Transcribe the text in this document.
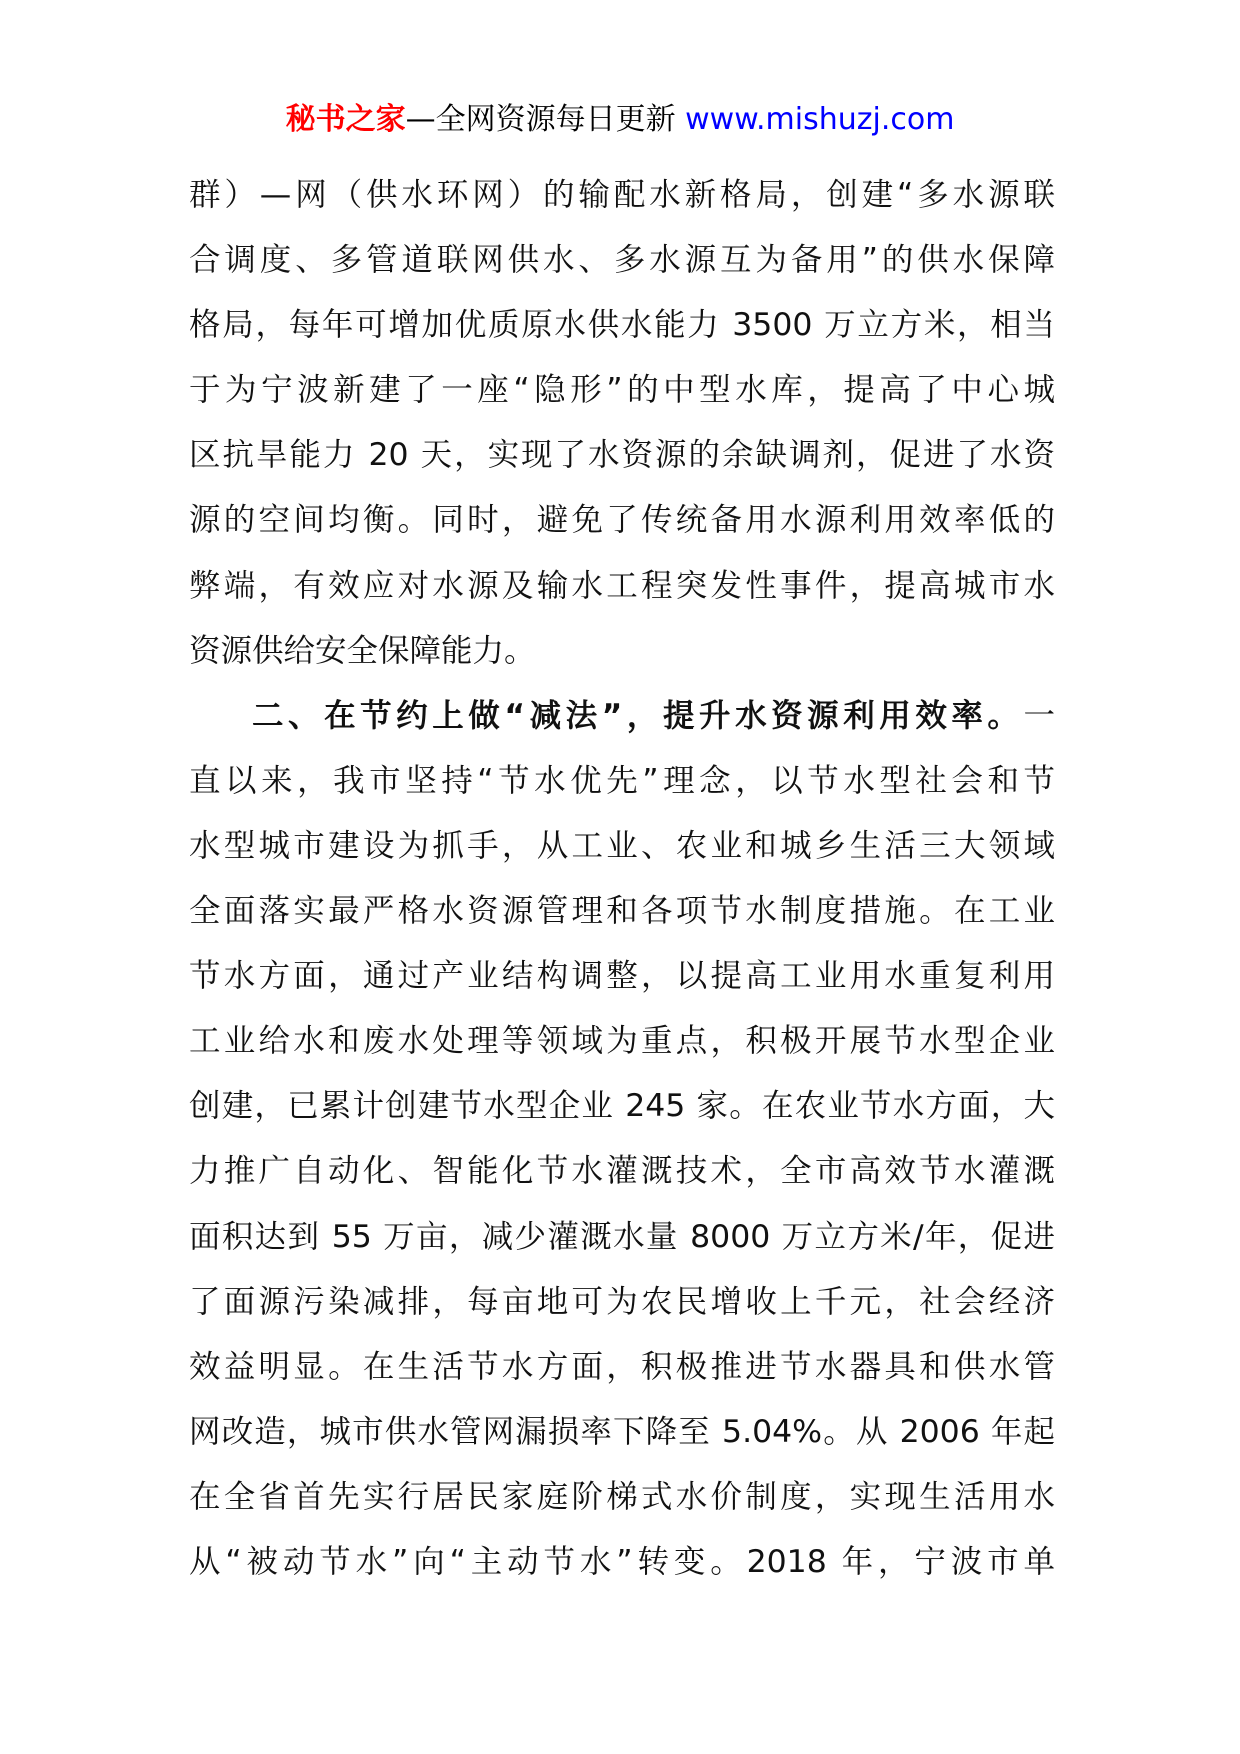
秘书之家—全网资源每日更新 www.mishuzj.com
群）—网（供水环网）的输配水新格局，创建“多水源联
合调度、多管道联网供水、多水源互为备用”的供水保障
格局，每年可增加优质原水供水能力 3500 万立方米，相当
于为宁波新建了一座“隐形”的中型水库，提高了中心城
区抗旱能力 20 天，实现了水资源的余缺调剂，促进了水资
源的空间均衡。同时，避免了传统备用水源利用效率低的
弊端，有效应对水源及输水工程突发性事件，提高城市水
资源供给安全保障能力。
二、在节约上做“减法”，提升水资源利用效率。一
直以来，我市坚持“节水优先”理念，以节水型社会和节
水型城市建设为抓手，从工业、农业和城乡生活三大领域
全面落实最严格水资源管理和各项节水制度措施。在工业
节水方面，通过产业结构调整，以提高工业用水重复利用
工业给水和废水处理等领域为重点，积极开展节水型企业
创建，已累计创建节水型企业 245 家。在农业节水方面，大
力推广自动化、智能化节水灌溉技术，全市高效节水灌溉
面积达到 55 万亩，减少灌溉水量 8000 万立方米/年，促进
了面源污染减排，每亩地可为农民增收上千元，社会经济
效益明显。在生活节水方面，积极推进节水器具和供水管
网改造，城市供水管网漏损率下降至 5.04%。从 2006 年起
在全省首先实行居民家庭阶梯式水价制度，实现生活用水
从“被动节水”向“主动节水”转变。2018 年，宁波市单
